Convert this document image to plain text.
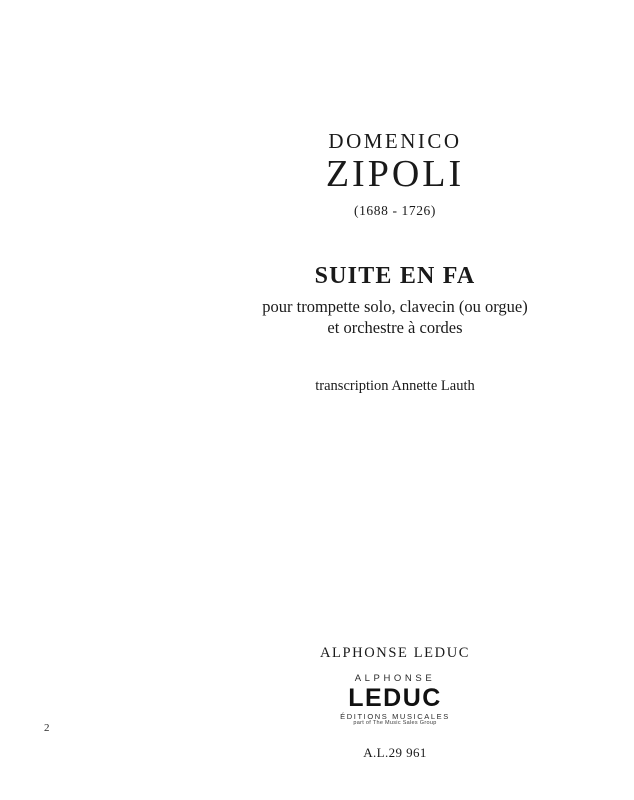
DOMENICO

ZIPOLI

(1688 - 1726)

SUITE EN FA

pour trompette solo, clavecin (ou orgue)

et orchestre à cordes

transcription Annette Lauth

2

ALPHONSE LEDUC

ALPHONSE
LEDUC
ÉDITIONS MUSICALES
part of The Music Sales Group

A.L.29 961
